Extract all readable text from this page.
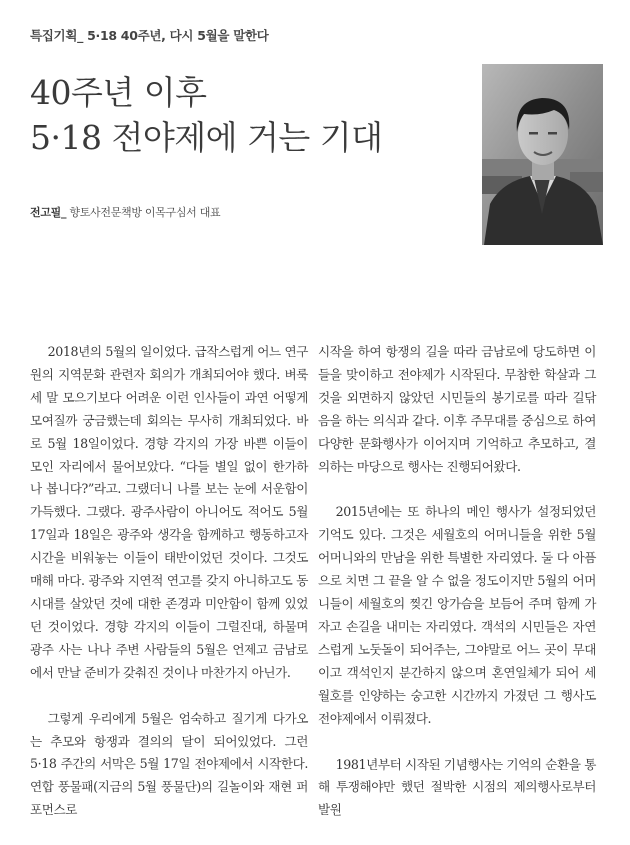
특집기획_ 5·18 40주년, 다시 5월을 말한다
40주년 이후
5·18 전야제에 거는 기대
전고필_ 향토사전문책방 이목구심서 대표

2018년의 5월의 일이었다. 급작스럽게 어느 연구원의 지역문화 관련자 회의가 개최되어야 했다. 벼룩 세 말 모으기보다 어려운 이런 인사들이 과연 어떻게 모여질까 궁금했는데 회의는 무사히 개최되었다. 바로 5월 18일이었다. 경향 각지의 가장 바쁜 이들이 모인 자리에서 물어보았다. “다들 별일 없이 한가하나 봅니다?”라고. 그랬더니 나를 보는 눈에 서운함이 가득했다. 그랬다. 광주사람이 아니어도 적어도 5월 17일과 18일은 광주와 생각을 함께하고 행동하고자 시간을 비워놓는 이들이 태반이었던 것이다. 그것도 매해 마다. 광주와 지연적 연고를 갖지 아니하고도 동시대를 살았던 것에 대한 존경과 미안함이 함께 있었던 것이었다. 경향 각지의 이들이 그럴진대, 하물며 광주 사는 나나 주변 사람들의 5월은 언제고 금남로에서 만날 준비가 갖춰진 것이나 마찬가지 아닌가.

그렇게 우리에게 5월은 엄숙하고 질기게 다가오는 추모와 항쟁과 결의의 달이 되어있었다. 그런 5·18 주간의 서막은 5월 17일 전야제에서 시작한다. 연합 풍물패(지금의 5월 풍물단)의 길놀이와 재현 퍼포먼스로

시작을 하여 항쟁의 길을 따라 금남로에 당도하면 이들을 맞이하고 전야제가 시작된다. 무참한 학살과 그것을 외면하지 않았던 시민들의 봉기로를 따라 길닦음을 하는 의식과 같다. 이후 주무대를 중심으로 하여 다양한 문화행사가 이어지며 기억하고 추모하고, 결의하는 마당으로 행사는 진행되어왔다.

2015년에는 또 하나의 메인 행사가 설정되었던 기억도 있다. 그것은 세월호의 어머니들을 위한 5월 어머니와의 만남을 위한 특별한 자리였다. 둘 다 아픔으로 치면 그 끝을 알 수 없을 정도이지만 5월의 어머니들이 세월호의 찢긴 앙가슴을 보듬어 주며 함께 가자고 손길을 내미는 자리였다. 객석의 시민들은 자연스럽게 노둣돌이 되어주는, 그야말로 어느 곳이 무대이고 객석인지 분간하지 않으며 혼연일체가 되어 세월호를 인양하는 숭고한 시간까지 가졌던 그 행사도 전야제에서 이뤄졌다.

1981년부터 시작된 기념행사는 기억의 순환을 통해 투쟁해야만 했던 절박한 시점의 제의행사로부터 발원
